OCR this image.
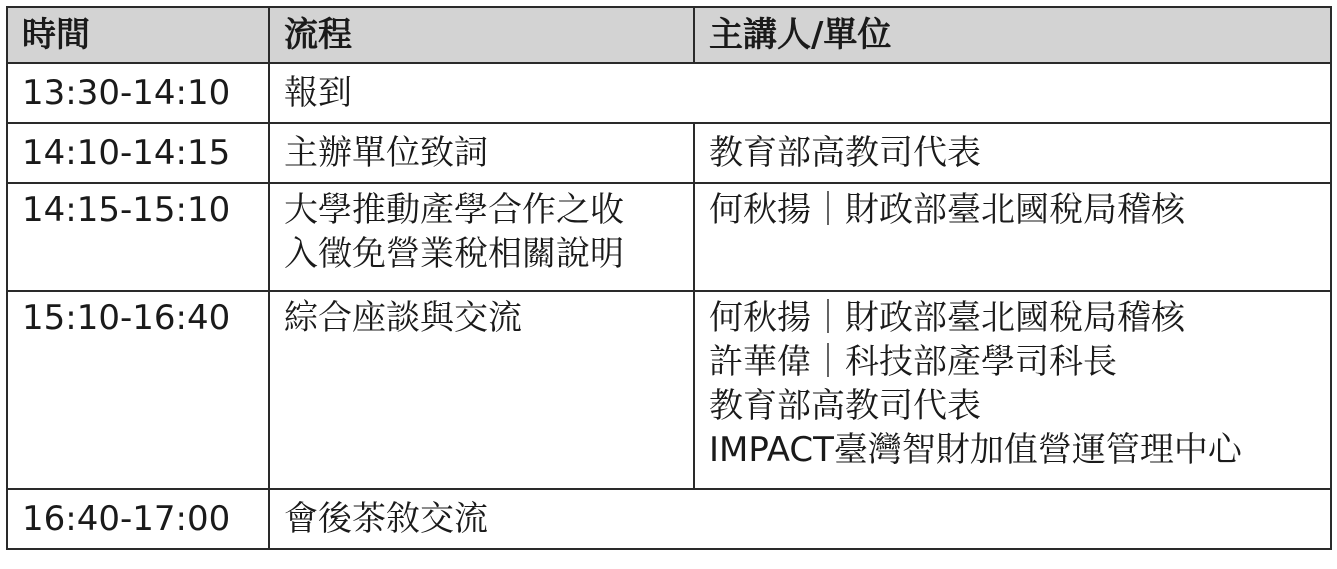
時間	流程	主講人/單位
13:30-14:10	報到	

14:10-14:15	主辦單位致詞	教育部高教司代表

14:15-15:10	大學推動產學合作之收
入徵免營業稅相關說明	何秋揚｜財政部臺北國稅局稽核

15:10-16:40	綜合座談與交流	何秋揚｜財政部臺北國稅局稽核
許華偉｜科技部產學司科長
教育部高教司代表
IMPACT臺灣智財加值營運管理中心

16:40-17:00	會後茶敘交流	
